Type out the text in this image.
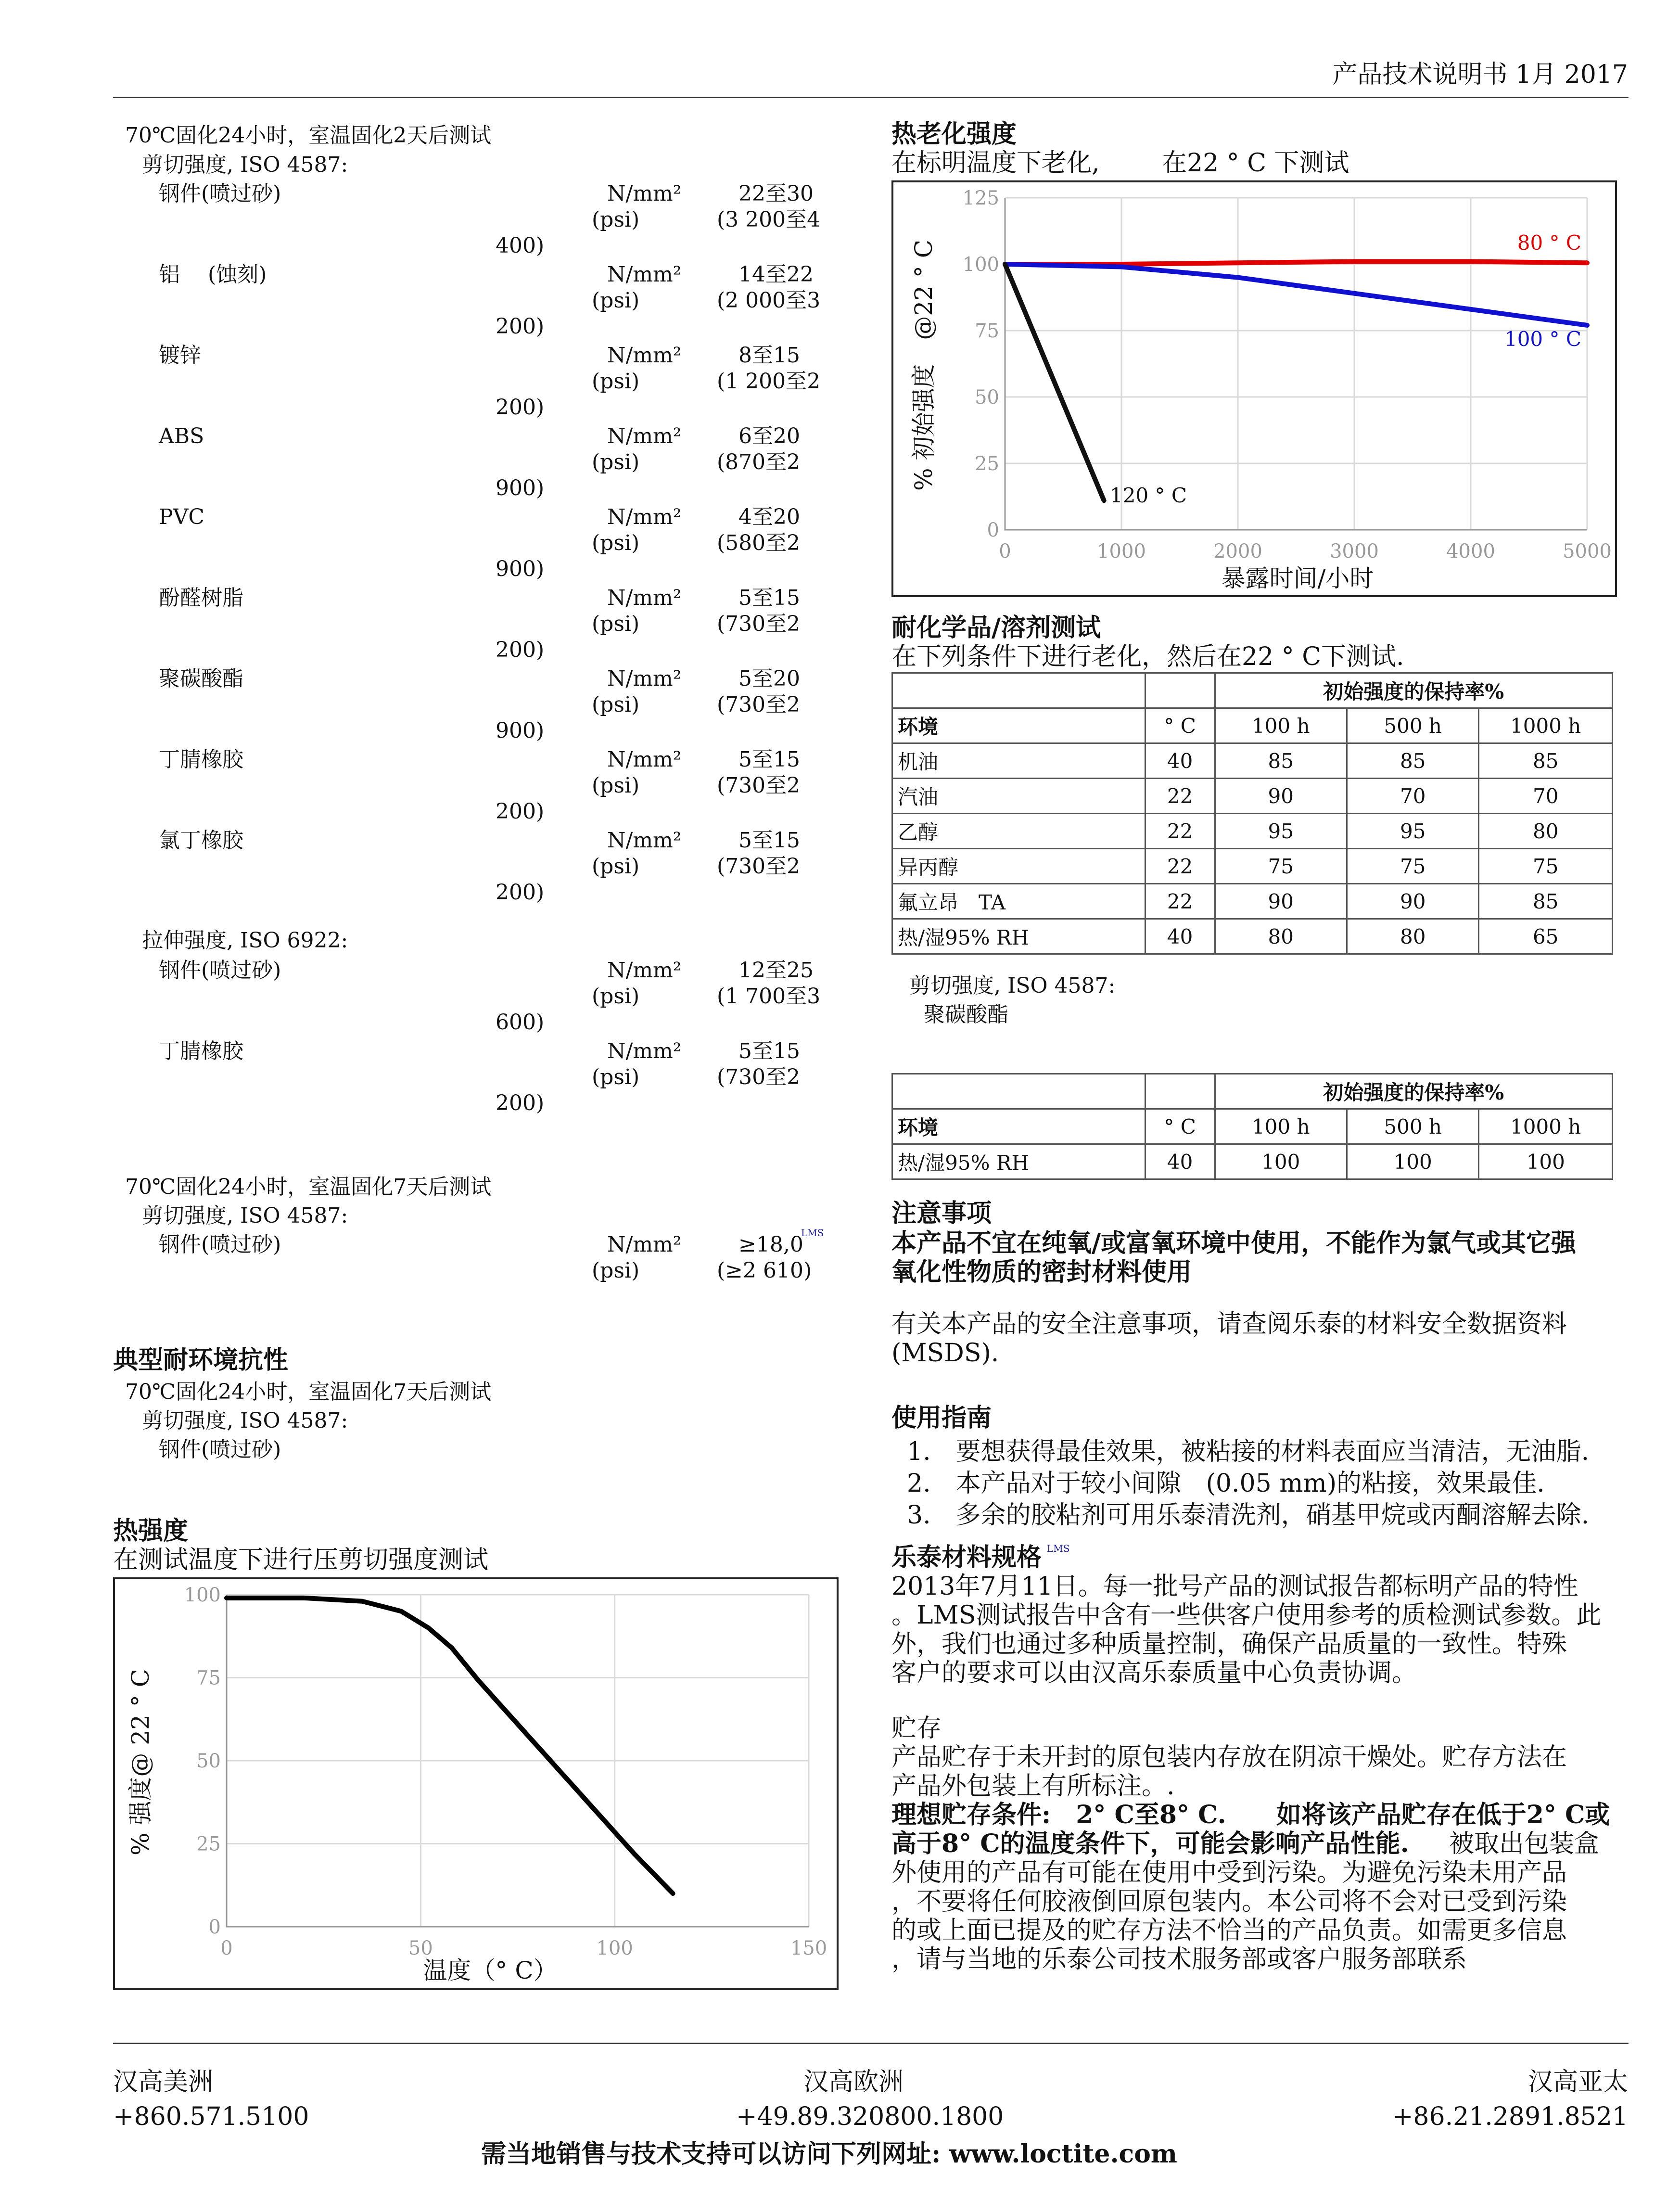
产品技术说明书 1月 2017
70℃固化24小时，室温固化2天后测试
剪切强度, ISO 4587:
钢件(喷过砂)	N/mm²	22至30
(psi)	(3 200至4
400)
铝　 (蚀刻)	N/mm²	14至22
(psi)	(2 000至3
200)
镀锌	N/mm²	8至15
(psi)	(1 200至2
200)
ABS	N/mm²	6至20
(psi)	(870至2
900)
PVC	N/mm²	4至20
(psi)	(580至2
900)
酚醛树脂	N/mm²	5至15
(psi)	(730至2
200)
聚碳酸酯	N/mm²	5至20
(psi)	(730至2
900)
丁腈橡胶	N/mm²	5至15
(psi)	(730至2
200)
氯丁橡胶	N/mm²	5至15
(psi)	(730至2
200)
拉伸强度, ISO 6922:
钢件(喷过砂)	N/mm²	12至25
(psi)	(1 700至3
600)
丁腈橡胶	N/mm²	5至15
(psi)	(730至2
200)
70℃固化24小时，室温固化7天后测试
剪切强度, ISO 4587:
钢件(喷过砂)	N/mm²	≥18,0
LMS
(psi)	(≥2 610)
典型耐环境抗性
70℃固化24小时，室温固化7天后测试
剪切强度, ISO 4587:
钢件(喷过砂)
热强度
在测试温度下进行压剪切强度测试
0	50	100	150
0
25
50
75
100
温度（° C）
% 强度@ 22 ° C
热老化强度
在标明温度下老化, 在22 ° C 下测试
耐化学品/溶剂测试
在下列条件下进行老化，然后在22 ° C下测试.
剪切强度, ISO 4587:
聚碳酸酯
注意事项
本产品不宜在纯氧/或富氧环境中使用，不能作为氯气或其它强
氧化性物质的密封材料使用
有关本产品的安全注意事项，请查阅乐泰的材料安全数据资料
(MSDS).
使用指南
1.　要想获得最佳效果，被粘接的材料表面应当清洁，无油脂.
2.　本产品对于较小间隙　(0.05 mm)的粘接，效果最佳.
3.　多余的胶粘剂可用乐泰清洗剂，硝基甲烷或丙酮溶解去除.
乐泰材料规格 LMS
2013年7月11日。每一批号产品的测试报告都标明产品的特性
。LMS测试报告中含有一些供客户使用参考的质检测试参数。此
外，我们也通过多种质量控制，确保产品质量的一致性。特殊
客户的要求可以由汉高乐泰质量中心负责协调。
贮存
产品贮存于未开封的原包装内存放在阴凉干燥处。贮存方法在
产品外包装上有所标注。.
理想贮存条件:　2° C至8° C.　　如将该产品贮存在低于2° C或
高于8° C的温度条件下，可能会影响产品性能. 　被取出包装盒
外使用的产品有可能在使用中受到污染。为避免污染未用产品
，不要将任何胶液倒回原包装内。本公司将不会对已受到污染
的或上面已提及的贮存方法不恰当的产品负责。如需更多信息
，请与当地的乐泰公司技术服务部或客户服务部联系
0	1000	2000	3000	4000	5000
0
25
50
75
100
125
80 ° C
100 ° C
120 ° C
暴露时间/小时
% 初始强度　@22 ° C
		初始强度的保持率%		
环境	° C	100 h	500 h	1000 h
机油	40	85	85	85
汽油	22	90	70	70
乙醇	22	95	95	80
异丙醇	22	75	75	75
氟立昂　TA	22	90	90	85
热/湿95% RH	40	80	80	65
		初始强度的保持率%		
环境	° C	100 h	500 h	1000 h
热/湿95% RH	40	100	100	100
汉高美洲
+860.571.5100
汉高欧洲
+49.89.320800.1800
汉高亚太
+86.21.2891.8521
需当地销售与技术支持可以访问下列网址: www.loctite.com
